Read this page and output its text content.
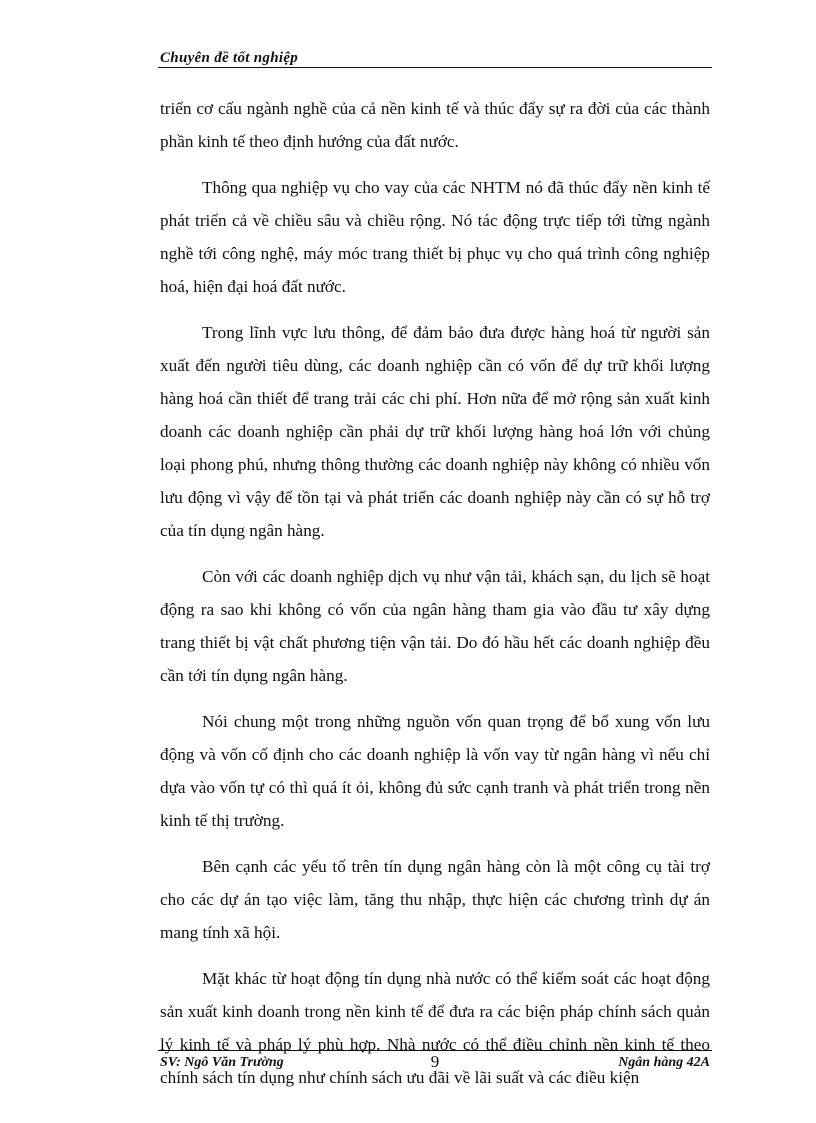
Chuyên đề tốt nghiệp

triển cơ cấu ngành nghề của cả nền kinh tế và thúc đẩy sự ra đời của các thành phần kinh tế theo định hướng của đất nước.

Thông qua nghiệp vụ cho vay của các NHTM nó đã thúc đẩy nền kinh tế phát triển cả về chiều sâu và chiều rộng. Nó tác động trực tiếp tới từng ngành nghề tới công nghệ, máy móc trang thiết bị phục vụ cho quá trình công nghiệp hoá, hiện đại hoá đất nước.

Trong lĩnh vực lưu thông, để đảm bảo đưa được hàng hoá từ người sản xuất đến người tiêu dùng, các doanh nghiệp cần có vốn để dự trữ khối lượng hàng hoá cần thiết để trang trải các chi phí. Hơn nữa để mở rộng sản xuất kinh doanh các doanh nghiệp cần phải dự trữ khối lượng hàng hoá lớn với chủng loại phong phú, nhưng thông thường các doanh nghiệp này không có nhiều vốn lưu động vì vậy để tồn tại và phát triển các doanh nghiệp này cần có sự hỗ trợ của tín dụng ngân hàng.

Còn với các doanh nghiệp dịch vụ như vận tải, khách sạn, du lịch sẽ hoạt động ra sao khi không có vốn của ngân hàng tham gia vào đầu tư xây dựng trang thiết bị vật chất phương tiện vận tải. Do đó hầu hết các doanh nghiệp đều cần tới tín dụng ngân hàng.

Nói chung một trong những nguồn vốn quan trọng để bổ xung vốn lưu động và vốn cố định cho các doanh nghiệp là vốn vay từ ngân hàng vì nếu chỉ dựa vào vốn tự có thì quá ít ỏi, không đủ sức cạnh tranh và phát triển trong nền kinh tế thị trường.

Bên cạnh các yếu tố trên tín dụng ngân hàng còn là một công cụ tài trợ cho các dự án tạo việc làm, tăng thu nhập, thực hiện các chương trình dự án mang tính xã hội.

Mặt khác từ hoạt động tín dụng nhà nước có thể kiểm soát các hoạt động sản xuất kinh doanh trong nền kinh tế để đưa ra các biện pháp chính sách quản lý kinh tế và pháp lý phù hợp. Nhà nước có thể điều chỉnh nền kinh tế theo chính sách tín dụng như chính sách ưu đãi về lãi suất và các điều kiện

SV: Ngô Văn Trường	9	Ngân hàng 42A
